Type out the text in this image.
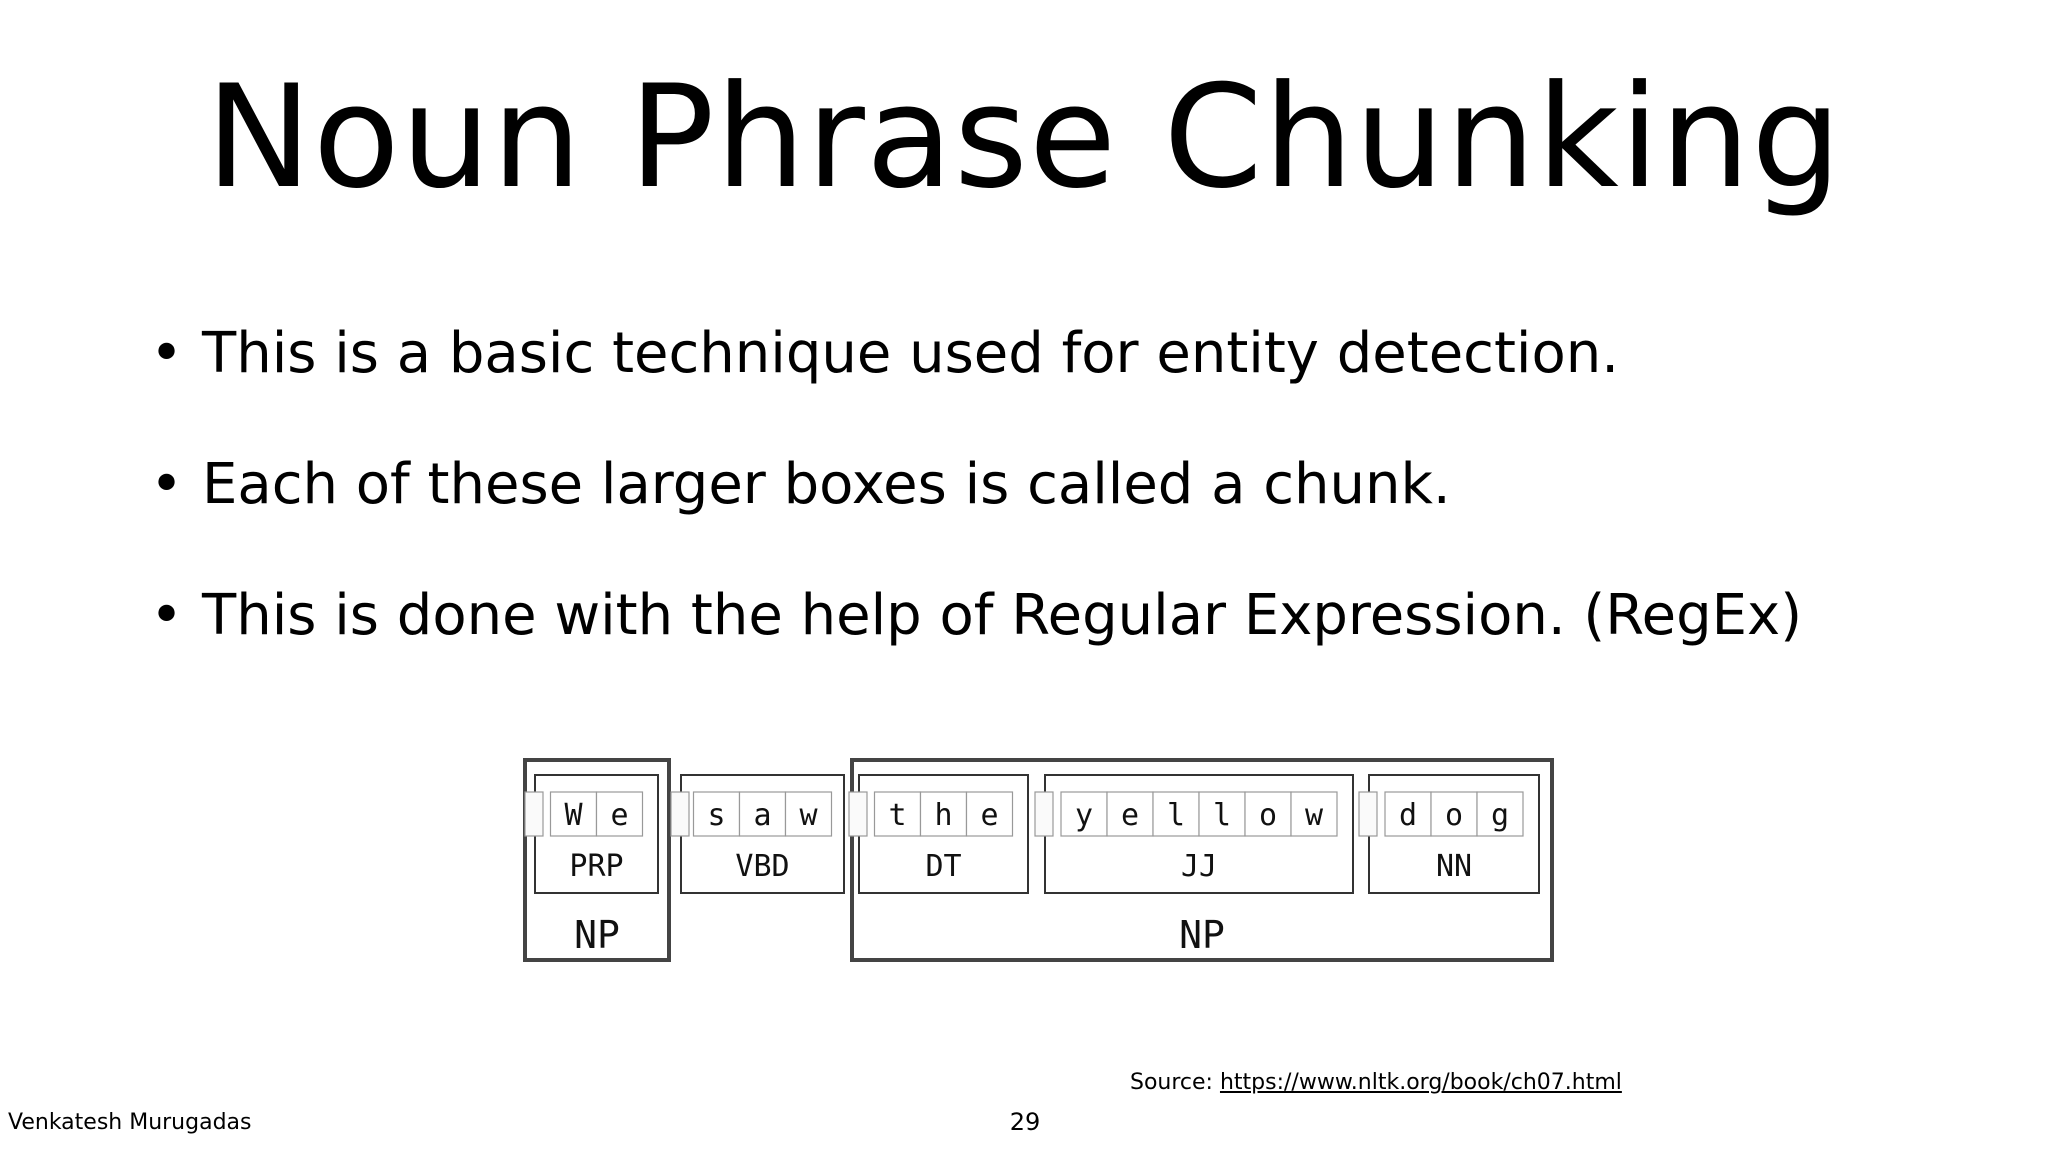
Noun Phrase Chunking
• This is a basic technique used for entity detection.
• Each of these larger boxes is called a chunk.
• This is done with the help of Regular Expression. (RegEx)
W e
PRP
s a w
VBD
t h e
DT
y e l l o w
JJ
d o g
NN
NP	NP
Source: https://www.nltk.org/book/ch07.html
Venkatesh Murugadas	29
